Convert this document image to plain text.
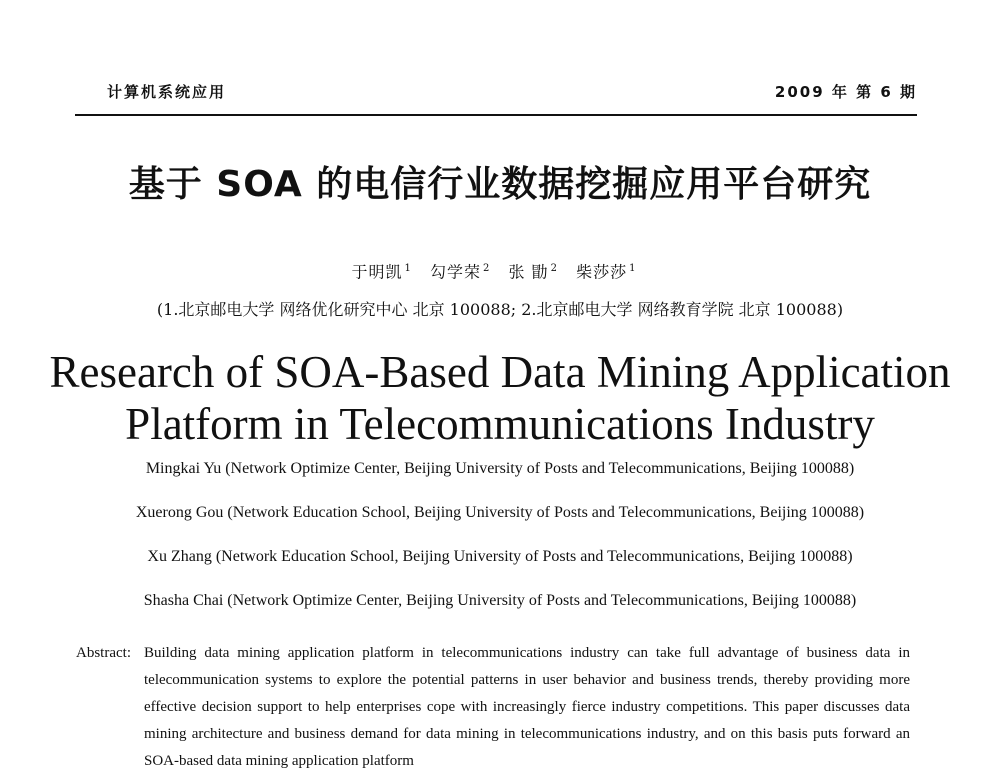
计算机系统应用	2009 年 第 6 期
基于 SOA 的电信行业数据挖掘应用平台研究
于明凯 $^1$ 勾学荣 $^2$ 张 勖 $^2$ 柴莎莎 $^1$
(1.北京邮电大学 网络优化研究中心 北京 100088; 2.北京邮电大学 网络教育学院 北京 100088)
Research of SOA-Based Data Mining Application
Platform in Telecommunications Industry
Mingkai Yu (Network Optimize Center, Beijing University of Posts and Telecommunications, Beijing 100088)
Xuerong Gou (Network Education School, Beijing University of Posts and Telecommunications, Beijing 100088)
Xu Zhang (Network Education School, Beijing University of Posts and Telecommunications, Beijing 100088)
Shasha Chai (Network Optimize Center, Beijing University of Posts and Telecommunications, Beijing 100088)
Abstract: Building data mining application platform in telecommunications industry can take full advantage of business data in telecommunication systems to explore the potential patterns in user behavior and business trends, thereby providing more effective decision support to help enterprises cope with increasingly fierce industry competitions. This paper discusses data mining architecture and business demand for data mining in telecommunications industry, and on this basis puts forward an SOA-based data mining application platform
